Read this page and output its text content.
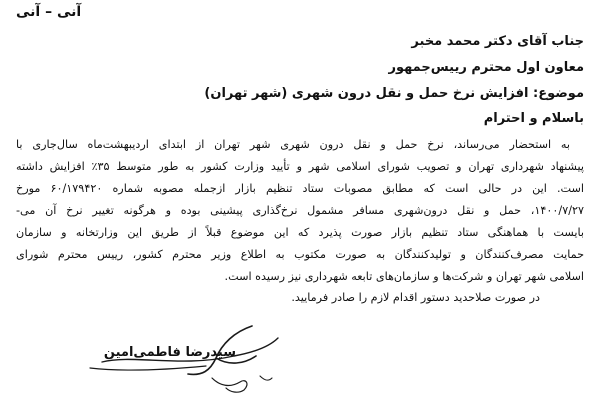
آنی – آنی
جناب آقای دکتر محمد مخبر
معاون اول محترم رییس‌جمهور
موضوع: افزایش نرخ حمل و نقل درون شهری (شهر تهران)
باسلام و احترام
به استحضار می‌رساند، نرخ حمل و نقل درون شهری شهر تهران از ابتدای اردیبهشت‌ماه سال‌جاری با
پیشنهاد شهرداری تهران و تصویب شورای اسلامی شهر و تأیید وزارت کشور به طور متوسط ۳۵٪ افزایش داشته
است. این در حالی است که مطابق مصوبات ستاد تنظیم بازار ازجمله مصوبه شماره ۶۰/۱۷۹۴۲۰ مورخ
۱۴۰۰/۷/۲۷، حمل و نقل درون‌شهری مسافر مشمول نرخ‌گذاری پیشینی بوده و هرگونه تغییر نرخ آن می-
بایست با هماهنگی ستاد تنظیم بازار صورت پذیرد که این موضوع قبلاً از طریق این وزارتخانه و سازمان
حمایت مصرف‌کنندگان و تولیدکنندگان به صورت مکتوب به اطلاع وزیر محترم کشور، رییس محترم شورای
اسلامی شهر تهران و شرکت‌ها و سازمان‌های تابعه شهرداری نیز رسیده است.
در صورت صلاحدید دستور اقدام لازم را صادر فرمایید.
سیدرضا فاطمی‌امین
